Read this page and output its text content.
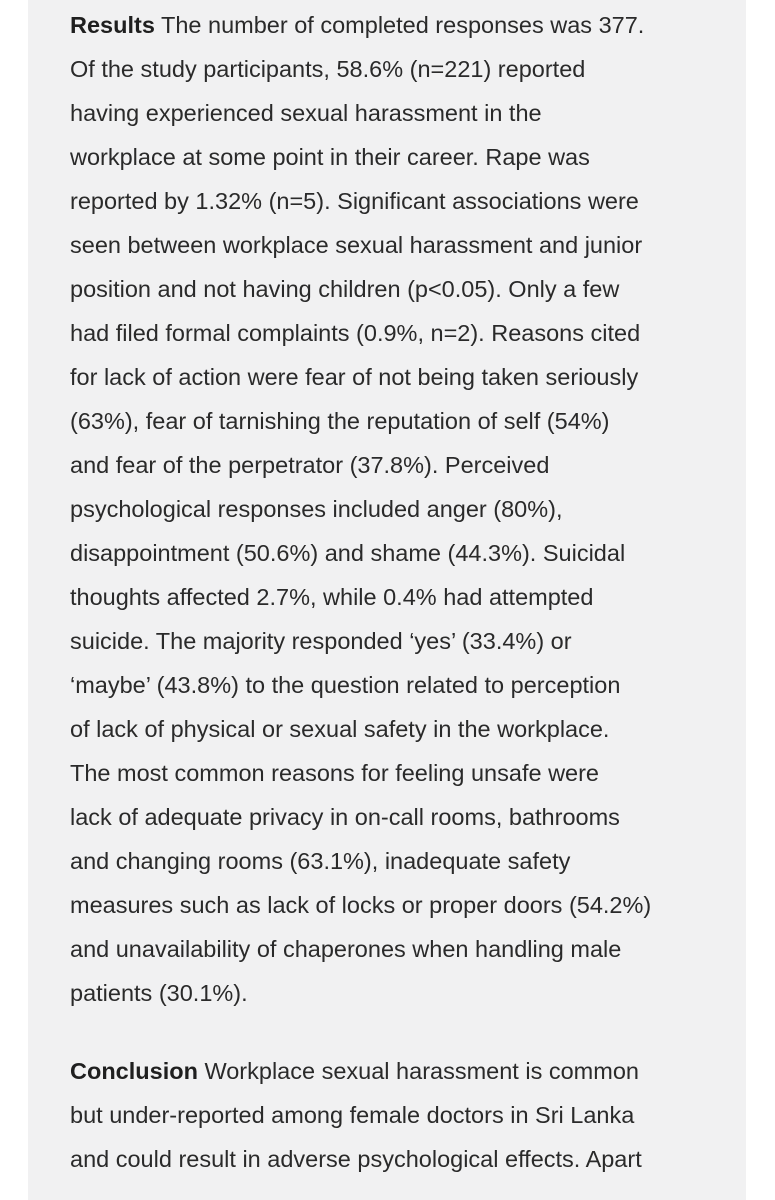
Results The number of completed responses was 377.
Of the study participants, 58.6% (n=221) reported
having experienced sexual harassment in the
workplace at some point in their career. Rape was
reported by 1.32% (n=5). Significant associations were
seen between workplace sexual harassment and junior
position and not having children (p<0.05). Only a few
had filed formal complaints (0.9%, n=2). Reasons cited
for lack of action were fear of not being taken seriously
(63%), fear of tarnishing the reputation of self (54%)
and fear of the perpetrator (37.8%). Perceived
psychological responses included anger (80%),
disappointment (50.6%) and shame (44.3%). Suicidal
thoughts affected 2.7%, while 0.4% had attempted
suicide. The majority responded ‘yes’ (33.4%) or
‘maybe’ (43.8%) to the question related to perception
of lack of physical or sexual safety in the workplace.
The most common reasons for feeling unsafe were
lack of adequate privacy in on-call rooms, bathrooms
and changing rooms (63.1%), inadequate safety
measures such as lack of locks or proper doors (54.2%)
and unavailability of chaperones when handling male
patients (30.1%).

Conclusion Workplace sexual harassment is common
but under-reported among female doctors in Sri Lanka
and could result in adverse psychological effects. Apart
